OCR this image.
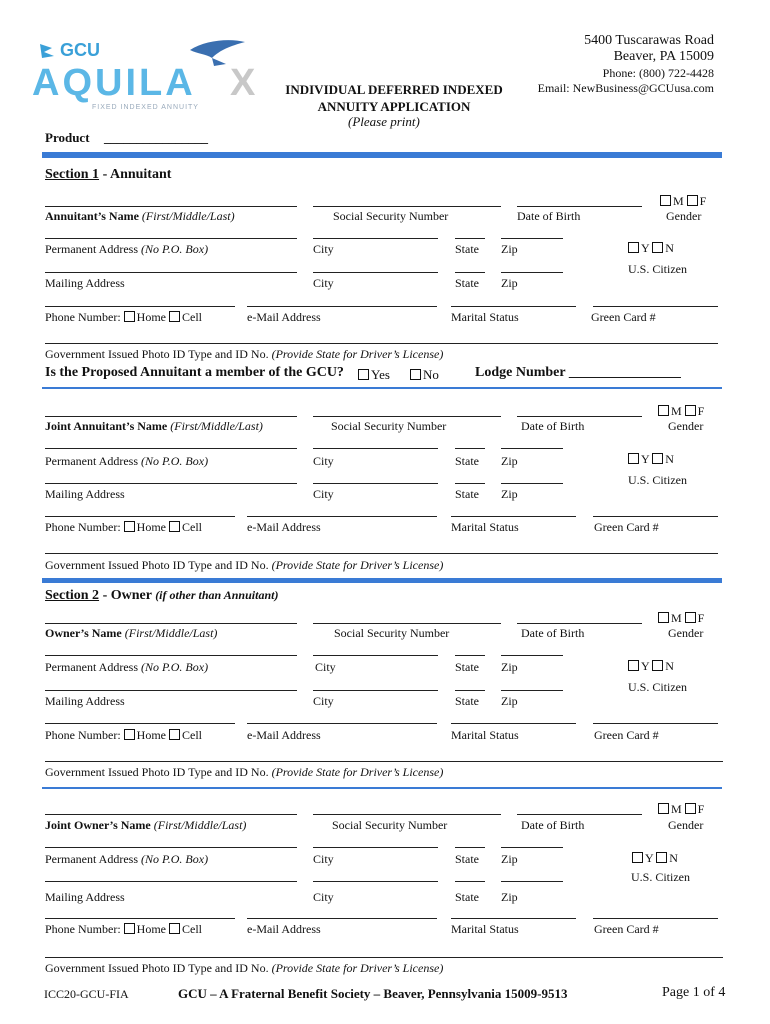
GCU
AQUILA X
FIXED INDEXED ANNUITY
INDIVIDUAL DEFERRED INDEXED
ANNUITY APPLICATION
(Please print)
5400 Tuscarawas Road
Beaver, PA 15009
Phone: (800) 722-4428
Email: NewBusiness@GCUusa.com
Product ________________
Section 1 - Annuitant
M F
Annuitant’s Name (First/Middle/Last)	Social Security Number	Date of Birth	Gender
Y N
Permanent Address (No P.O. Box)	City	State Zip
U.S. Citizen
Mailing Address	City	State Zip
Phone Number: Home Cell	e-Mail Address	Marital Status	Green Card #
Government Issued Photo ID Type and ID No. (Provide State for Driver’s License)
Is the Proposed Annuitant a member of the GCU?	Yes	No	Lodge Number ________________
M F
Joint Annuitant’s Name (First/Middle/Last)	Social Security Number	Date of Birth	Gender
Y N
Permanent Address (No P.O. Box)	City	State Zip
U.S. Citizen
Mailing Address	City	State Zip
Phone Number: Home Cell	e-Mail Address	Marital Status	Green Card #
Government Issued Photo ID Type and ID No. (Provide State for Driver’s License)
Section 2 - Owner (if other than Annuitant)
M F
Owner’s Name (First/Middle/Last)	Social Security Number	Date of Birth	Gender
Y N
Permanent Address (No P.O. Box)	City	State Zip
U.S. Citizen
Mailing Address	City	State Zip
Phone Number: Home Cell	e-Mail Address	Marital Status	Green Card #
Government Issued Photo ID Type and ID No. (Provide State for Driver’s License)
M F
Joint Owner’s Name (First/Middle/Last)	Social Security Number	Date of Birth	Gender
Y N
Permanent Address (No P.O. Box)	City	State Zip
U.S. Citizen
Mailing Address	City	State Zip
Phone Number: Home Cell	e-Mail Address	Marital Status	Green Card #
Government Issued Photo ID Type and ID No. (Provide State for Driver’s License)
ICC20-GCU-FIA	GCU – A Fraternal Benefit Society – Beaver, Pennsylvania 15009-9513	Page 1 of 4
